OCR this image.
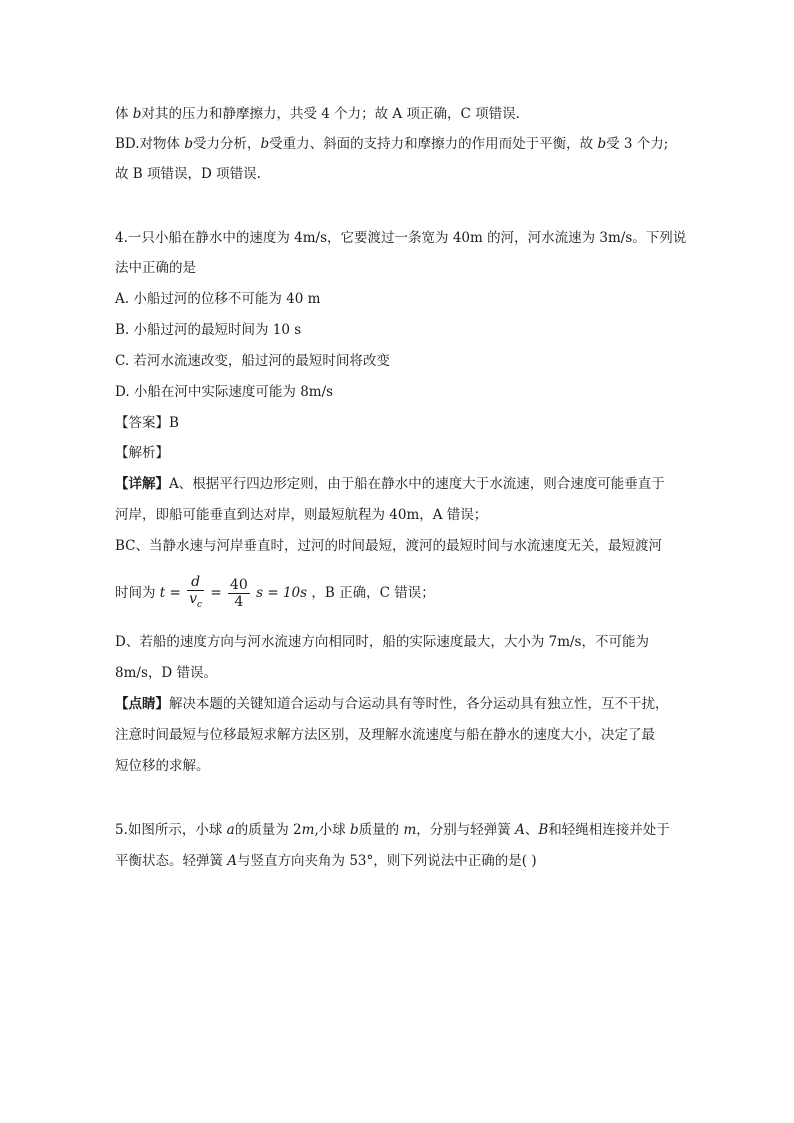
体 b对其的压力和静摩擦力，共受 4 个力；故 A 项正确，C 项错误.
BD.对物体 b受力分析，b受重力、斜面的支持力和摩擦力的作用而处于平衡，故 b受 3 个力;
故 B 项错误，D 项错误.
4.一只小船在静水中的速度为 4m/s，它要渡过一条宽为 40m 的河，河水流速为 3m/s。下列说
法中正确的是
A. 小船过河的位移不可能为 40 m
B. 小船过河的最短时间为 10 s
C. 若河水流速改变，船过河的最短时间将改变
D. 小船在河中实际速度可能为 8m/s
【答案】B
【解析】
【详解】A、根据平行四边形定则，由于船在静水中的速度大于水流速，则合速度可能垂直于
河岸，即船可能垂直到达对岸，则最短航程为 40m，A 错误；
BC、当静水速与河岸垂直时，过河的时间最短，渡河的最短时间与水流速度无关，最短渡河
时间为 $t = \frac{d}{v_c} = \frac{40}{4}$ s = 10s ，B 正确，C 错误；
D、若船的速度方向与河水流速方向相同时，船的实际速度最大，大小为 7m/s，不可能为
8m/s，D 错误。
【点睛】解决本题的关键知道合运动与合运动具有等时性，各分运动具有独立性，互不干扰，
注意时间最短与位移最短求解方法区别，及理解水流速度与船在静水的速度大小，决定了最
短位移的求解。
5.如图所示，小球 a的质量为 2m,小球 b质量的 m，分别与轻弹簧 A、B和轻绳相连接并处于
平衡状态。轻弹簧 A与竖直方向夹角为 53°，则下列说法中正确的是( )
